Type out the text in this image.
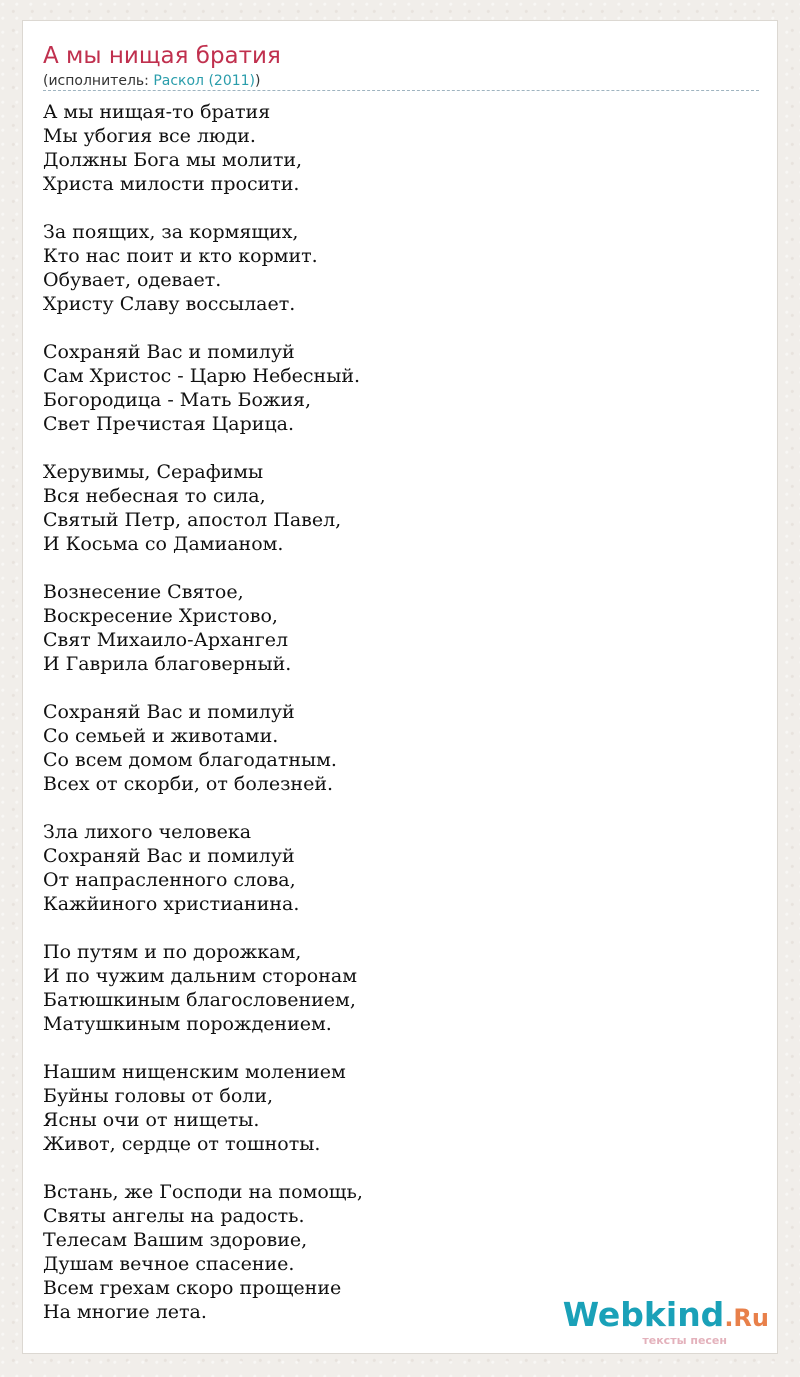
А мы нищая братия
(исполнитель: Раскол (2011))
А мы нищая-то братия
Мы убогия все люди.
Должны Бога мы молити,
Христа милости просити.

За поящих, за кормящих,
Кто нас поит и кто кормит.
Обувает, одевает.
Христу Славу воссылает.

Сохраняй Вас и помилуй
Сам Христос - Царю Небесный.
Богородица - Мать Божия,
Свет Пречистая Царица.

Херувимы, Серафимы
Вся небесная то сила,
Святый Петр, апостол Павел,
И Косьма со Дамианом.

Вознесение Святое,
Воскресение Христово,
Свят Михаило-Архангел
И Гаврила благоверный.

Сохраняй Вас и помилуй
Со семьей и животами.
Со всем домом благодатным.
Всех от скорби, от болезней.

Зла лихого человека
Сохраняй Вас и помилуй
От напрасленного слова,
Кажйиного христианина.

По путям и по дорожкам,
И по чужим дальним сторонам
Батюшкиным благословением,
Матушкиным порождением.

Нашим нищенским молением
Буйны головы от боли,
Ясны очи от нищеты.
Живот, сердце от тошноты.

Встань, же Господи на помощь,
Святы ангелы на радость.
Телесам Вашим здоровие,
Душам вечное спасение.
Всем грехам скоро прощение
На многие лета.	Webkind.Ru
тексты песен
